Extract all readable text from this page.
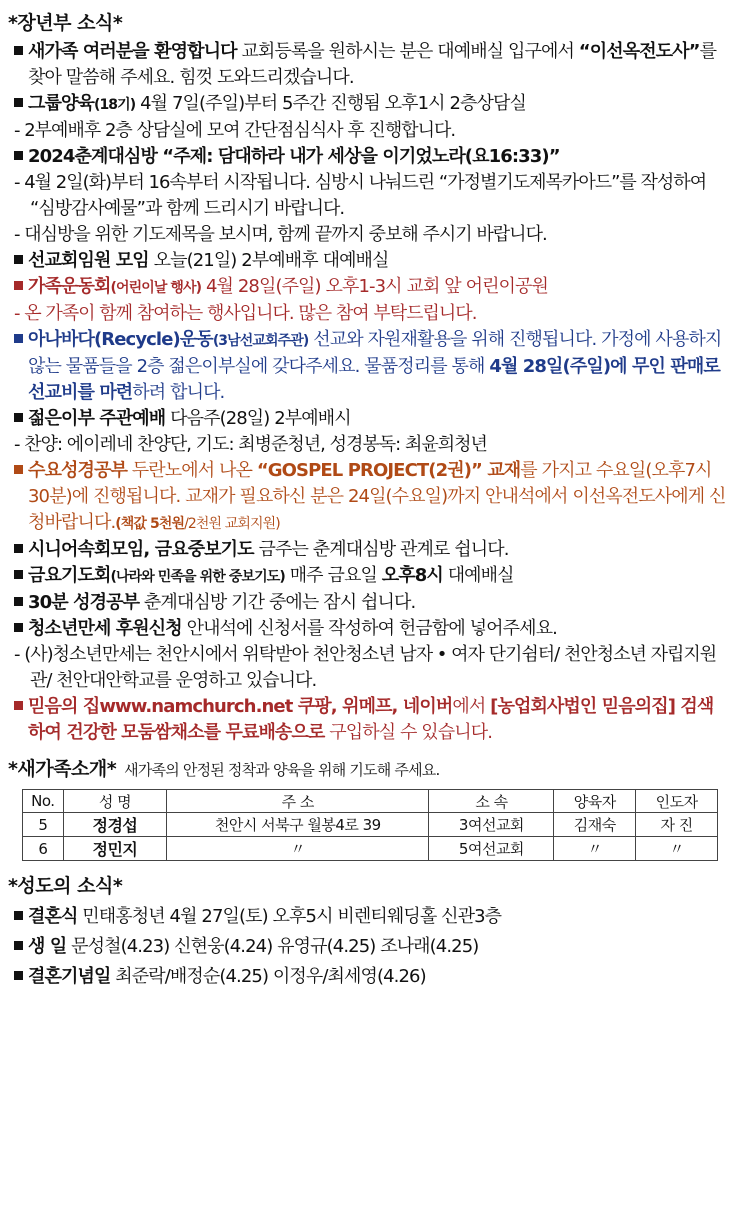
*장년부 소식*

새가족 여러분을 환영합니다 교회등록을 원하시는 분은 대예배실 입구에서 “이선옥전도사”를 찾아 말씀해 주세요. 힘껏 도와드리겠습니다.

그룹양육(18기) 4월 7일(주일)부터 5주간 진행됨 오후1시 2층상담실

- 2부예배후 2층 상담실에 모여 간단점심식사 후 진행합니다.

2024춘계대심방 “주제: 담대하라 내가 세상을 이기었노라(요16:33)”

- 4월 2일(화)부터 16속부터 시작됩니다. 심방시 나눠드린 “가정별기도제목카아드”를 작성하여 “심방감사예물”과 함께 드리시기 바랍니다.

- 대심방을 위한 기도제목을 보시며, 함께 끝까지 중보해 주시기 바랍니다.

선교회임원 모임 오늘(21일) 2부예배후 대예배실

가족운동회(어린이날 행사) 4월 28일(주일) 오후1-3시 교회 앞 어린이공원

- 온 가족이 함께 참여하는 행사입니다. 많은 참여 부탁드립니다.

아나바다(Recycle)운동(3남선교회주관) 선교와 자원재활용을 위해 진행됩니다. 가정에 사용하지 않는 물품들을 2층 젊은이부실에 갖다주세요. 물품정리를 통해 4월 28일(주일)에 무인 판매로 선교비를 마련하려 합니다.

젊은이부 주관예배 다음주(28일) 2부예배시

- 찬양: 에이레네 찬양단, 기도: 최병준청년, 성경봉독: 최윤희청년

수요성경공부 두란노에서 나온 “GOSPEL PROJECT(2권)” 교재를 가지고 수요일(오후7시30분)에 진행됩니다. 교재가 필요하신 분은 24일(수요일)까지 안내석에서 이선옥전도사에게 신청바랍니다.(책값 5천원/2천원 교회지원)

시니어속회모임, 금요중보기도 금주는 춘계대심방 관계로 쉽니다.

금요기도회(나라와 민족을 위한 중보기도) 매주 금요일 오후8시 대예배실

30분 성경공부 춘계대심방 기간 중에는 잠시 쉽니다.

청소년만세 후원신청 안내석에 신청서를 작성하여 헌금함에 넣어주세요.

- (사)청소년만세는 천안시에서 위탁받아 천안청소년 남자 • 여자 단기쉼터/ 천안청소년 자립지원관/ 천안대안학교를 운영하고 있습니다.

믿음의 집www.namchurch.net 쿠팡, 위메프, 네이버에서 [농업회사법인 믿음의집] 검색하여 건강한 모둠쌈채소를 무료배송으로 구입하실 수 있습니다.

*새가족소개* 새가족의 안정된 정착과 양육을 위해 기도해 주세요.
No.	성 명	주 소	소 속	양육자	인도자
5	정경섭	천안시 서북구 월봉4로 39	3여선교회	김재숙	자 진
6	정민지	〃	5여선교회	〃	〃
*성도의 소식*

결혼식 민태홍청년 4월 27일(토) 오후5시 비렌티웨딩홀 신관3층

생 일 문성철(4.23) 신현웅(4.24) 유영규(4.25) 조나래(4.25)

결혼기념일 최준락/배정순(4.25) 이정우/최세영(4.26)
